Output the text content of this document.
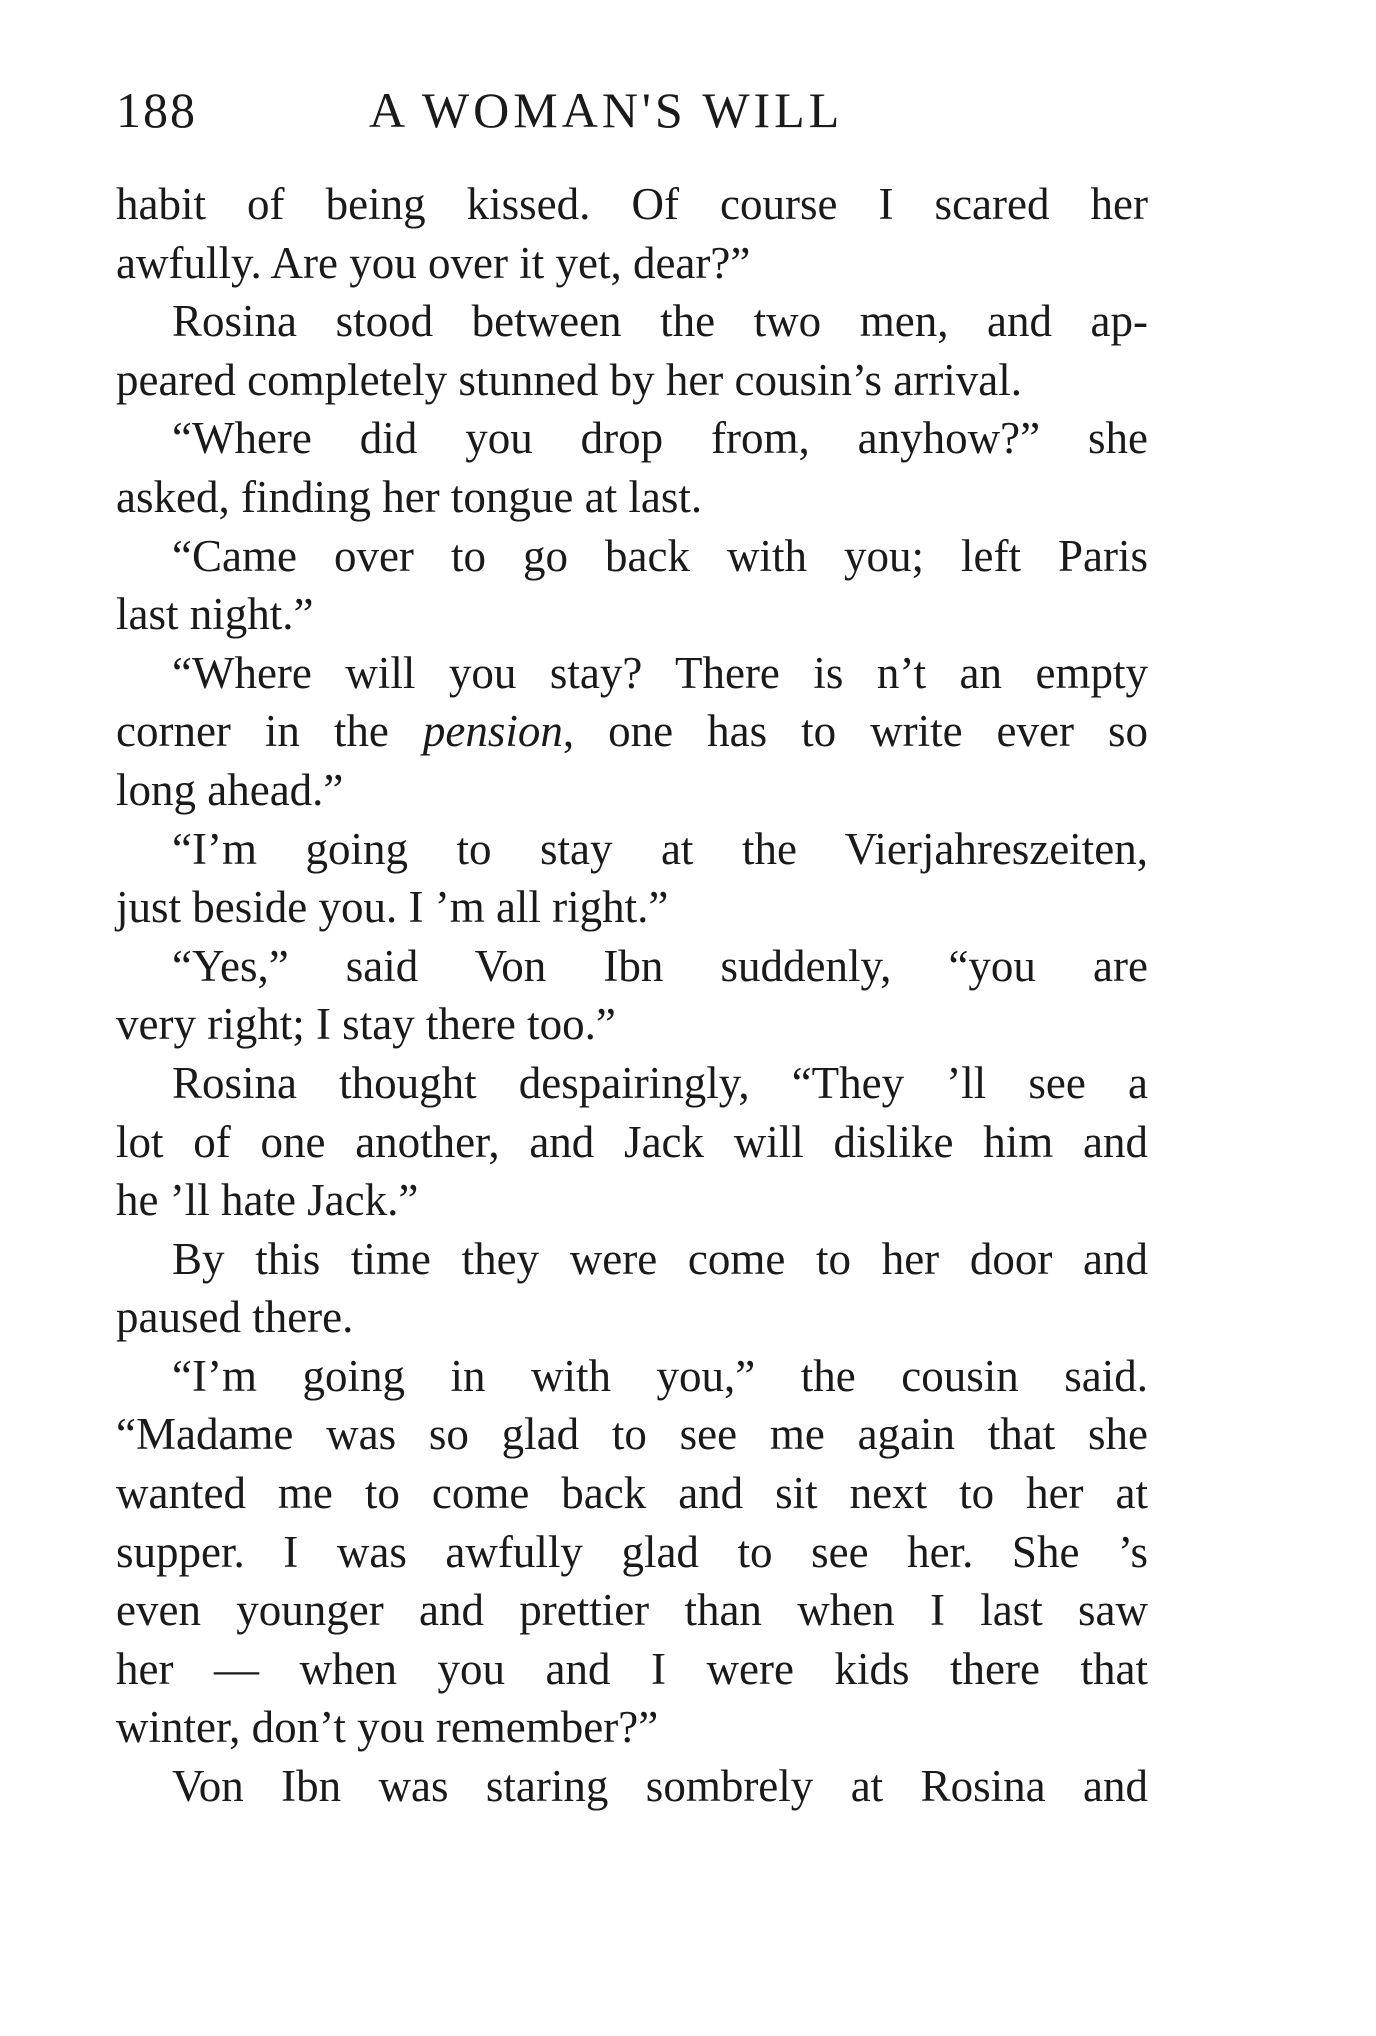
188	A WOMAN'S WILL
habit of being kissed. Of course I scared her
awfully. Are you over it yet, dear?”
Rosina stood between the two men, and ap-
peared completely stunned by her cousin’s arrival.
“Where did you drop from, anyhow?” she
asked, finding her tongue at last.
“Came over to go back with you; left Paris
last night.”
“Where will you stay? There is n’t an empty
corner in the pension, one has to write ever so
long ahead.”
“I’m going to stay at the Vierjahreszeiten,
just beside you. I ’m all right.”
“Yes,” said Von Ibn suddenly, “you are
very right; I stay there too.”
Rosina thought despairingly, “They ’ll see a
lot of one another, and Jack will dislike him and
he ’ll hate Jack.”
By this time they were come to her door and
paused there.
“I’m going in with you,” the cousin said.
“Madame was so glad to see me again that she
wanted me to come back and sit next to her at
supper. I was awfully glad to see her. She ’s
even younger and prettier than when I last saw
her — when you and I were kids there that
winter, don’t you remember?”
Von Ibn was staring sombrely at Rosina and
